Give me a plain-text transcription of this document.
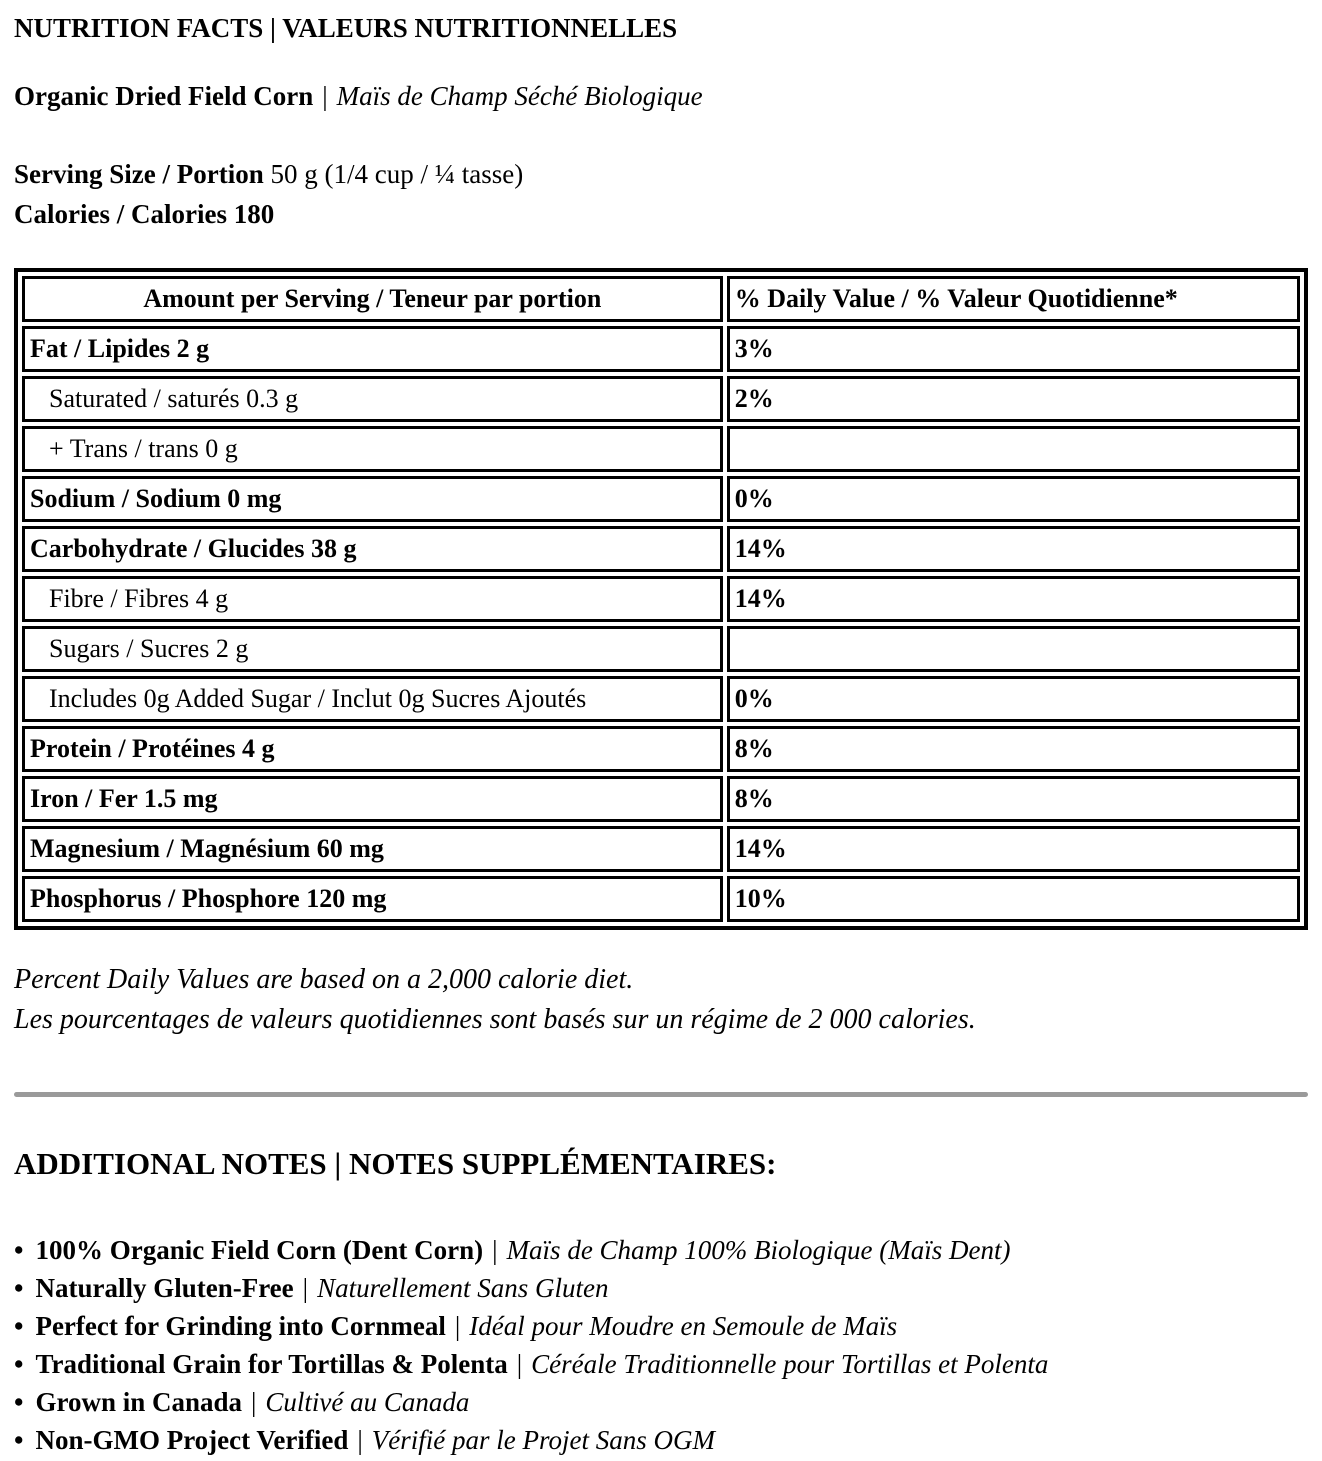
NUTRITION FACTS | VALEURS NUTRITIONNELLES
Organic Dried Field Corn | Maïs de Champ Séché Biologique
Serving Size / Portion 50 g (1/4 cup / ¼ tasse)
Calories / Calories 180
Amount per Serving / Teneur par portion	% Daily Value / % Valeur Quotidienne*
Fat / Lipides 2 g	3%
Saturated / saturés 0.3 g	2%
+ Trans / trans 0 g	
Sodium / Sodium 0 mg	0%
Carbohydrate / Glucides 38 g	14%
Fibre / Fibres 4 g	14%
Sugars / Sucres 2 g	
Includes 0g Added Sugar / Inclut 0g Sucres Ajoutés	0%
Protein / Protéines 4 g	8%
Iron / Fer 1.5 mg	8%
Magnesium / Magnésium 60 mg	14%
Phosphorus / Phosphore 120 mg	10%
Percent Daily Values are based on a 2,000 calorie diet.
Les pourcentages de valeurs quotidiennes sont basés sur un régime de 2 000 calories.
ADDITIONAL NOTES | NOTES SUPPLÉMENTAIRES:
• 100% Organic Field Corn (Dent Corn) | Maïs de Champ 100% Biologique (Maïs Dent)
• Naturally Gluten-Free | Naturellement Sans Gluten
• Perfect for Grinding into Cornmeal | Idéal pour Moudre en Semoule de Maïs
• Traditional Grain for Tortillas & Polenta | Céréale Traditionnelle pour Tortillas et Polenta
• Grown in Canada | Cultivé au Canada
• Non-GMO Project Verified | Vérifié par le Projet Sans OGM
